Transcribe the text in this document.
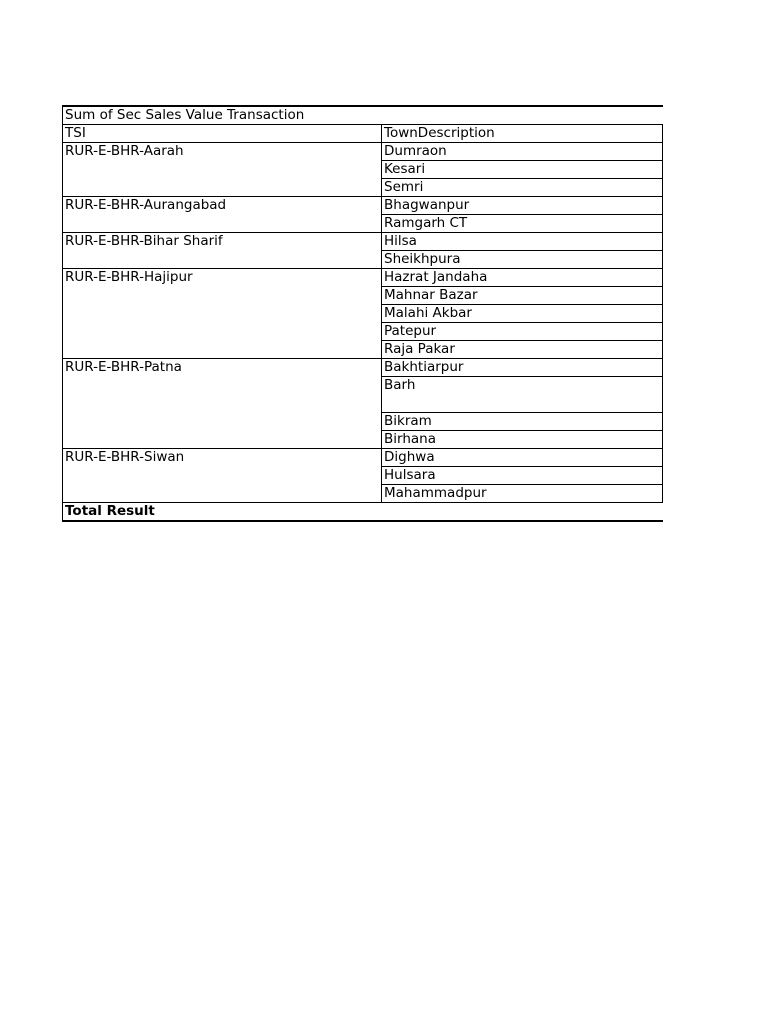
Sum of Sec Sales Value Transaction	
TSI	TownDescription
RUR-E-BHR-Aarah	Dumraon
	Kesari
	Semri
RUR-E-BHR-Aurangabad	Bhagwanpur
	Ramgarh CT
RUR-E-BHR-Bihar Sharif	Hilsa
	Sheikhpura
RUR-E-BHR-Hajipur	Hazrat Jandaha
	Mahnar Bazar
	Malahi Akbar
	Patepur
	Raja Pakar
RUR-E-BHR-Patna	Bakhtiarpur
	Barh
	Bikram
	Birhana
RUR-E-BHR-Siwan	Dighwa
	Hulsara
	Mahammadpur
Total Result	
